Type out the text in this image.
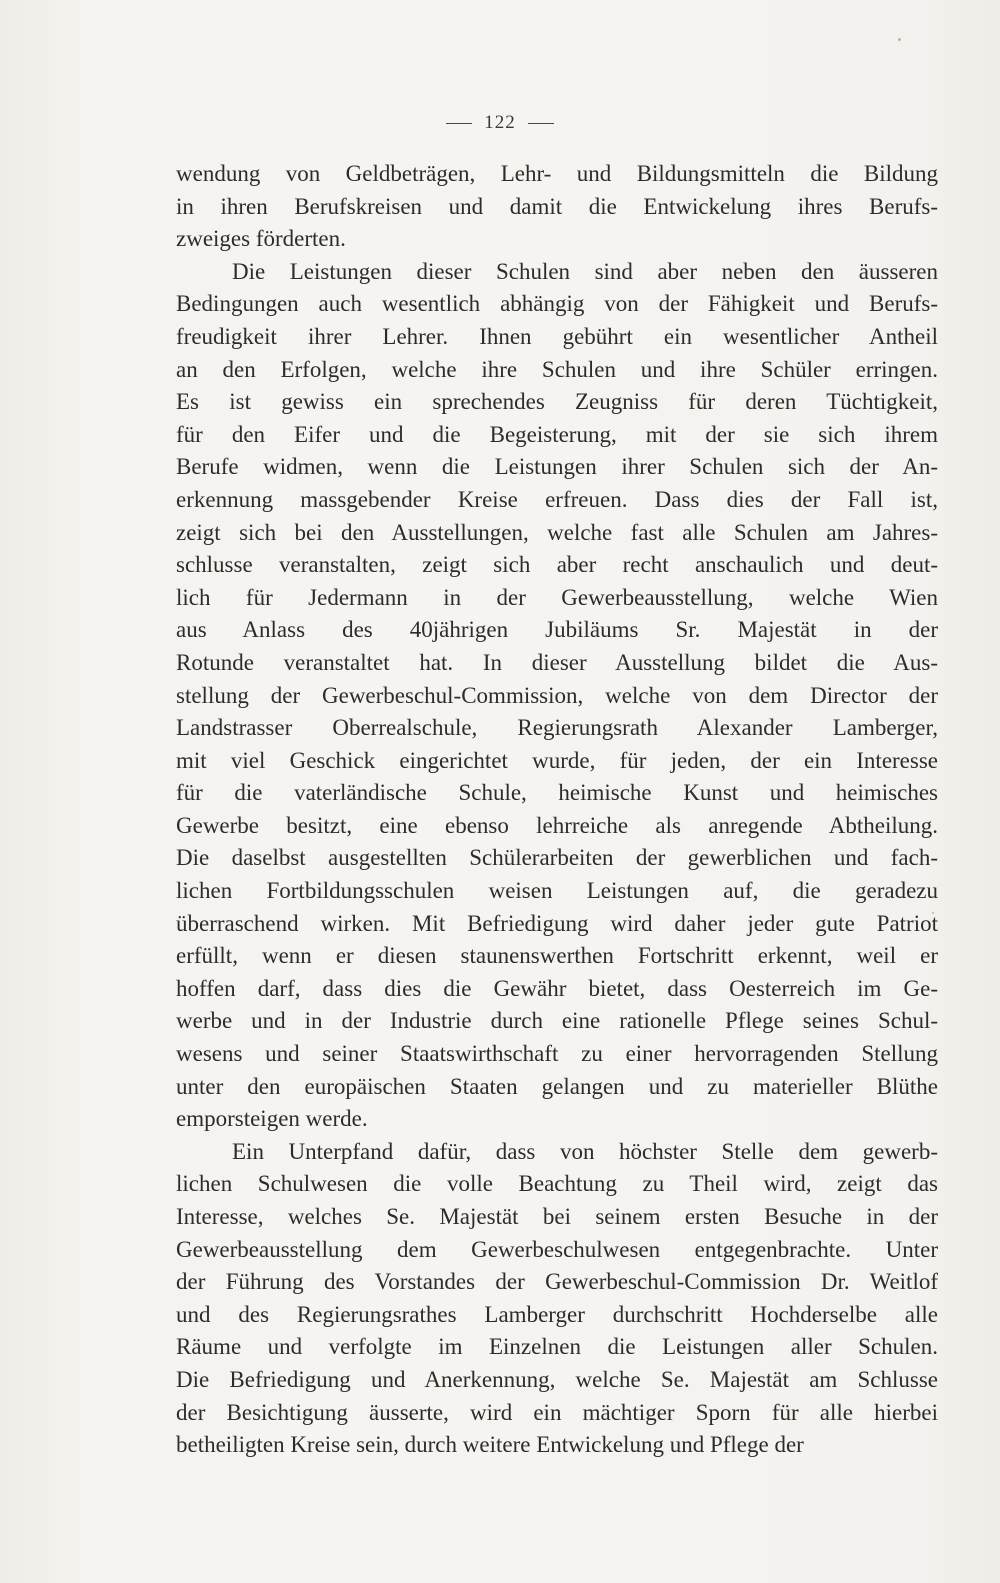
122
wendung von Geldbeträgen, Lehr- und Bildungsmitteln die Bildung
in ihren Berufskreisen und damit die Entwickelung ihres Berufs-
zweiges förderten.
Die Leistungen dieser Schulen sind aber neben den äusseren
Bedingungen auch wesentlich abhängig von der Fähigkeit und Berufs-
freudigkeit ihrer Lehrer. Ihnen gebührt ein wesentlicher Antheil
an den Erfolgen, welche ihre Schulen und ihre Schüler erringen.
Es ist gewiss ein sprechendes Zeugniss für deren Tüchtigkeit,
für den Eifer und die Begeisterung, mit der sie sich ihrem
Berufe widmen, wenn die Leistungen ihrer Schulen sich der An-
erkennung massgebender Kreise erfreuen. Dass dies der Fall ist,
zeigt sich bei den Ausstellungen, welche fast alle Schulen am Jahres-
schlusse veranstalten, zeigt sich aber recht anschaulich und deut-
lich für Jedermann in der Gewerbeausstellung, welche Wien
aus Anlass des 40jährigen Jubiläums Sr. Majestät in der
Rotunde veranstaltet hat. In dieser Ausstellung bildet die Aus-
stellung der Gewerbeschul-Commission, welche von dem Director der
Landstrasser Oberrealschule, Regierungsrath Alexander Lamberger,
mit viel Geschick eingerichtet wurde, für jeden, der ein Interesse
für die vaterländische Schule, heimische Kunst und heimisches
Gewerbe besitzt, eine ebenso lehrreiche als anregende Abtheilung.
Die daselbst ausgestellten Schülerarbeiten der gewerblichen und fach-
lichen Fortbildungsschulen weisen Leistungen auf, die geradezu
überraschend wirken. Mit Befriedigung wird daher jeder gute Patriot
erfüllt, wenn er diesen staunenswerthen Fortschritt erkennt, weil er
hoffen darf, dass dies die Gewähr bietet, dass Oesterreich im Ge-
werbe und in der Industrie durch eine rationelle Pflege seines Schul-
wesens und seiner Staatswirthschaft zu einer hervorragenden Stellung
unter den europäischen Staaten gelangen und zu materieller Blüthe
emporsteigen werde.
Ein Unterpfand dafür, dass von höchster Stelle dem gewerb-
lichen Schulwesen die volle Beachtung zu Theil wird, zeigt das
Interesse, welches Se. Majestät bei seinem ersten Besuche in der
Gewerbeausstellung dem Gewerbeschulwesen entgegenbrachte. Unter
der Führung des Vorstandes der Gewerbeschul-Commission Dr. Weitlof
und des Regierungsrathes Lamberger durchschritt Hochderselbe alle
Räume und verfolgte im Einzelnen die Leistungen aller Schulen.
Die Befriedigung und Anerkennung, welche Se. Majestät am Schlusse
der Besichtigung äusserte, wird ein mächtiger Sporn für alle hierbei
betheiligten Kreise sein, durch weitere Entwickelung und Pflege der
